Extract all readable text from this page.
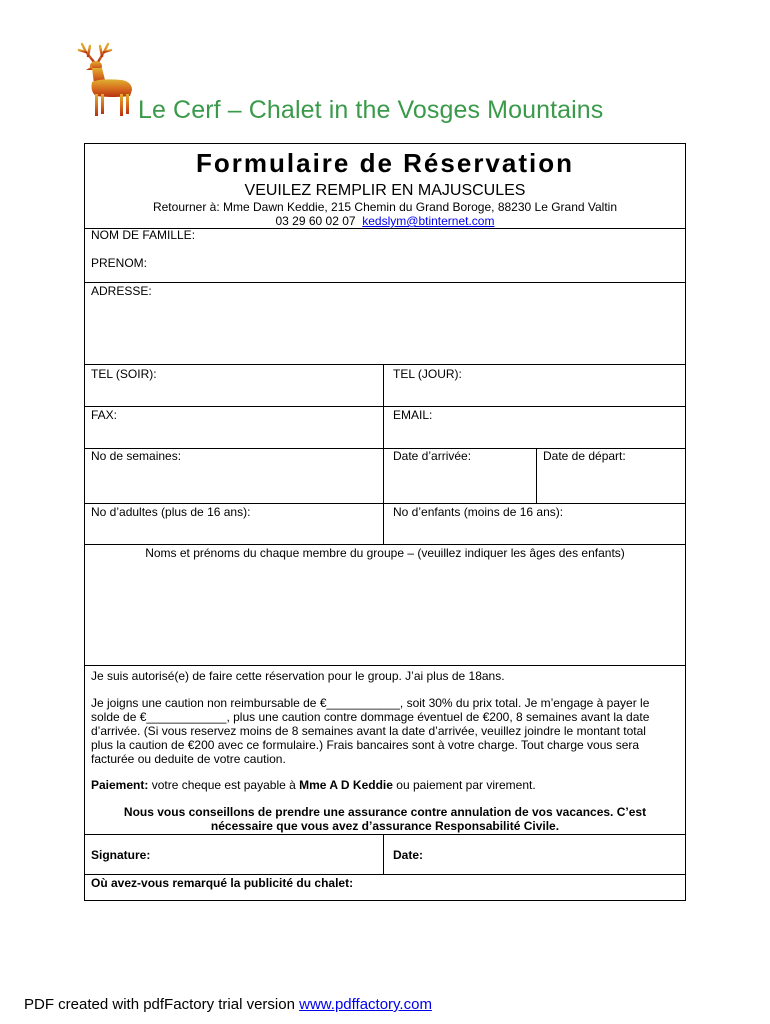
Le Cerf – Chalet in the Vosges Mountains
Formulaire de Réservation
VEUILEZ REMPLIR EN MAJUSCULES
Retourner à: Mme Dawn Keddie, 215 Chemin du Grand Boroge, 88230 Le Grand Valtin
03 29 60 02 07 kedslym@btinternet.com
NOM DE FAMILLE:
PRENOM:
ADRESSE:
TEL (SOIR):	TEL (JOUR):
FAX:	EMAIL:
No de semaines:	Date d’arrivée:	Date de départ:
No d’adultes (plus de 16 ans):	No d’enfants (moins de 16 ans):
Noms et prénoms du chaque membre du groupe – (veuillez indiquer les âges des enfants)
Je suis autorisé(e) de faire cette réservation pour le group. J’ai plus de 18ans.
Je joigns une caution non reimbursable de €___________, soit 30% du prix total. Je m’engage à payer le solde de €____________, plus une caution contre dommage éventuel de €200, 8 semaines avant la date d’arrivée. (Si vous reservez moins de 8 semaines avant la date d’arrivée, veuillez joindre le montant total plus la caution de €200 avec ce formulaire.) Frais bancaires sont à votre charge. Tout charge vous sera facturée ou deduite de votre caution.
Paiement: votre cheque est payable à Mme A D Keddie ou paiement par virement.
Nous vous conseillons de prendre une assurance contre annulation de vos vacances. C’est nécessaire que vous avez d’assurance Responsabilité Civile.
Signature:	Date:
Où avez-vous remarqué la publicité du chalet:
PDF created with pdfFactory trial version www.pdffactory.com
